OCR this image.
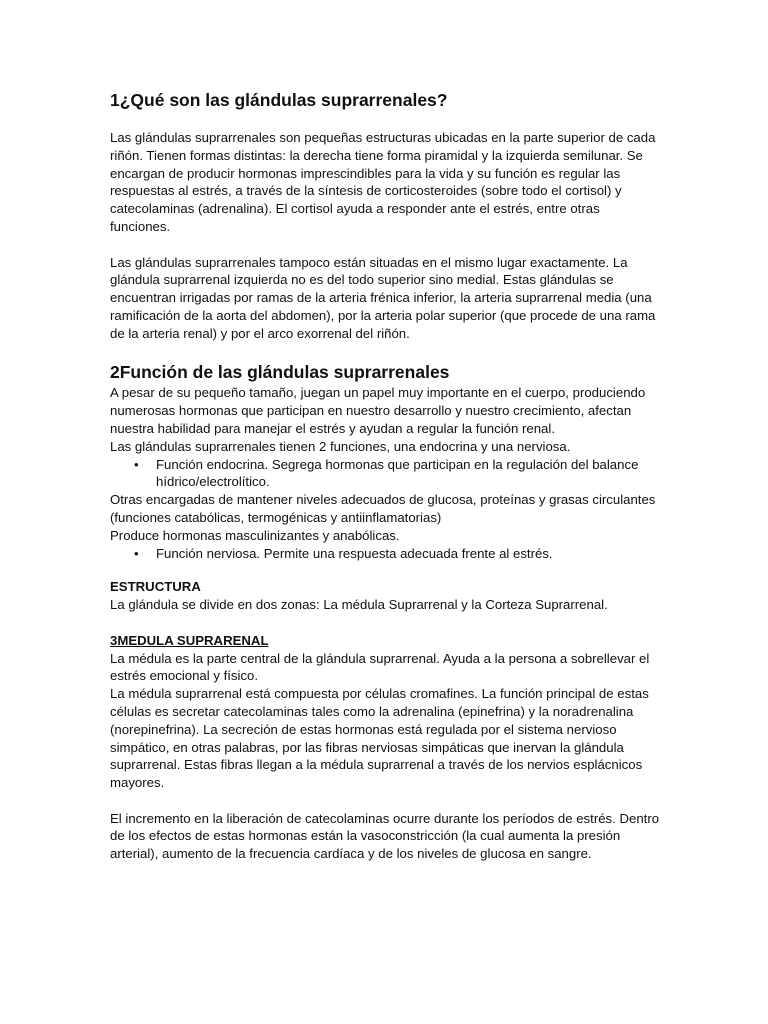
1¿Qué son las glándulas suprarrenales?

Las glándulas suprarrenales son pequeñas estructuras ubicadas en la parte superior de cada riñón. Tienen formas distintas: la derecha tiene forma piramidal y la izquierda semilunar. Se encargan de producir hormonas imprescindibles para la vida y su función es regular las respuestas al estrés, a través de la síntesis de corticosteroides (sobre todo el cortisol) y catecolaminas (adrenalina). El cortisol ayuda a responder ante el estrés, entre otras funciones.

Las glándulas suprarrenales tampoco están situadas en el mismo lugar exactamente. La glándula suprarrenal izquierda no es del todo superior sino medial. Estas glándulas se encuentran irrigadas por ramas de la arteria frénica inferior, la arteria suprarrenal media (una ramificación de la aorta del abdomen), por la arteria polar superior (que procede de una rama de la arteria renal) y por el arco exorrenal del riñón.

2Función de las glándulas suprarrenales

A pesar de su pequeño tamaño, juegan un papel muy importante en el cuerpo, produciendo numerosas hormonas que participan en nuestro desarrollo y nuestro crecimiento, afectan nuestra habilidad para manejar el estrés y ayudan a regular la función renal.

Las glándulas suprarrenales tienen 2 funciones, una endocrina y una nerviosa.

• Función endocrina. Segrega hormonas que participan en la regulación del balance hídrico/electrolítico.

Otras encargadas de mantener niveles adecuados de glucosa, proteínas y grasas circulantes (funciones catabólicas, termogénicas y antiinflamatorias)

Produce hormonas masculinizantes y anabólicas.

• Función nerviosa. Permite una respuesta adecuada frente al estrés.
ESTRUCTURA

La glándula se divide en dos zonas: La médula Suprarrenal y la Corteza Suprarrenal.

3MEDULA SUPRARENAL

La médula es la parte central de la glándula suprarrenal. Ayuda a la persona a sobrellevar el estrés emocional y físico.

La médula suprarrenal está compuesta por células cromafines. La función principal de estas células es secretar catecolaminas tales como la adrenalina (epinefrina) y la noradrenalina (norepinefrina). La secreción de estas hormonas está regulada por el sistema nervioso simpático, en otras palabras, por las fibras nerviosas simpáticas que inervan la glándula suprarrenal. Estas fibras llegan a la médula suprarrenal a través de los nervios esplácnicos mayores.

El incremento en la liberación de catecolaminas ocurre durante los períodos de estrés. Dentro de los efectos de estas hormonas están la vasoconstricción (la cual aumenta la presión arterial), aumento de la frecuencia cardíaca y de los niveles de glucosa en sangre.
